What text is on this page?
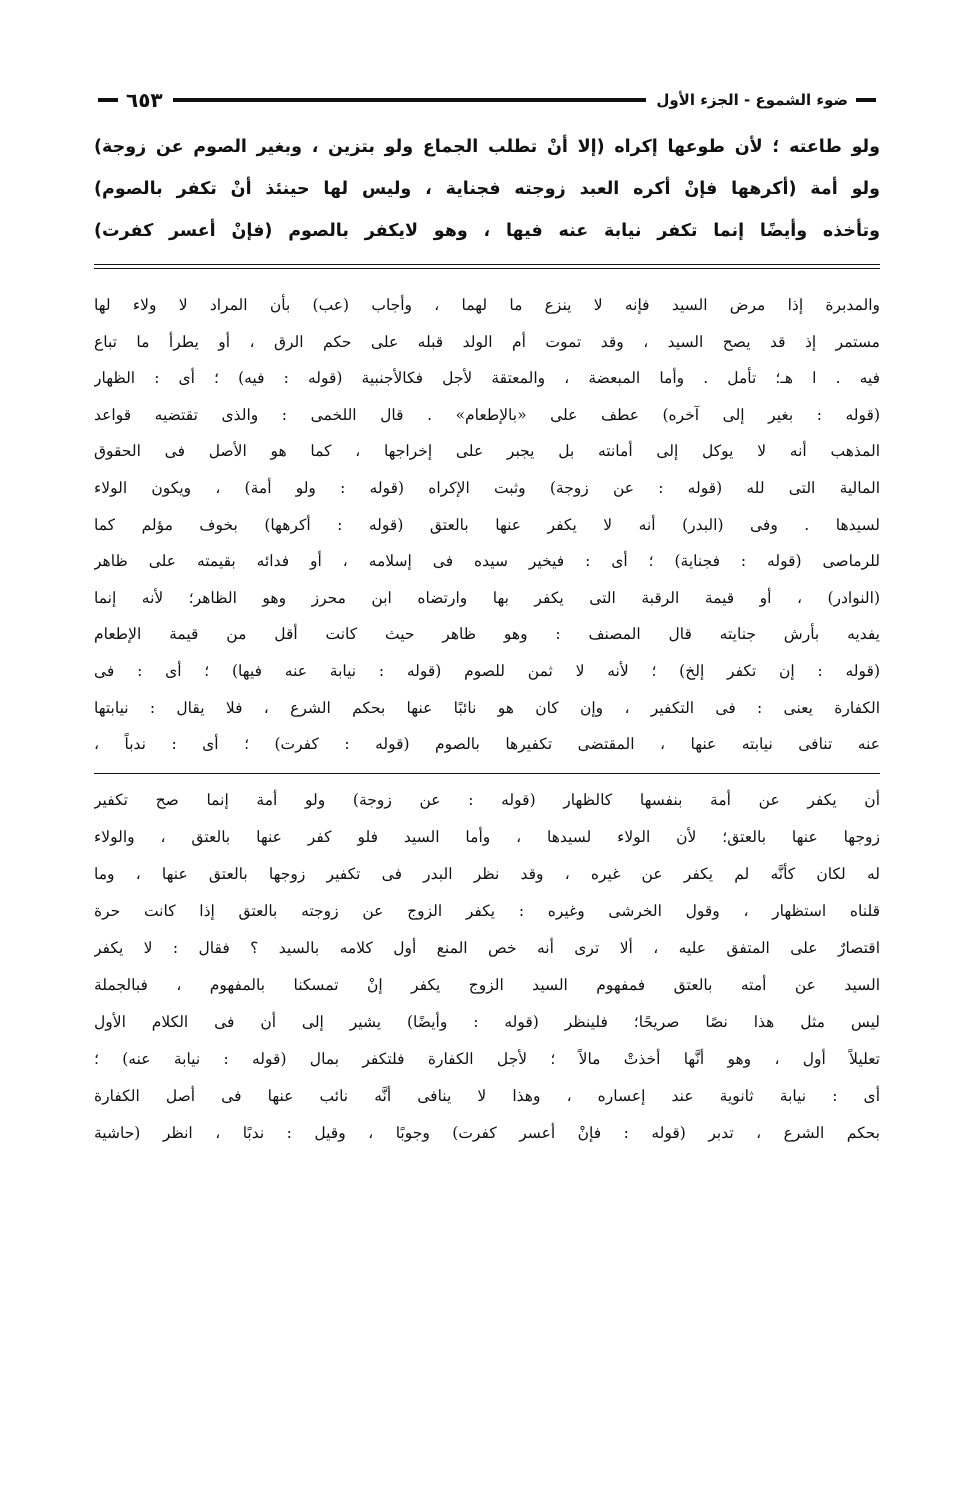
ضوء الشموع - الجزء الأول
٦٥٣
ولو طاعته ؛ لأن طوعها إكراه (إلا أنْ تطلب الجماع ولو بتزين ، وبغير الصوم عن زوجة)
ولو أمة (أكرهها فإنْ أكره العبد زوجته فجناية ، وليس لها حينئذ أنْ تكفر بالصوم)
وتأخذه وأيضًا إنما تكفر نيابة عنه فيها ، وهو لايكفر بالصوم (فإنْ أعسر كفرت)
والمدبرة إذا مرض السيد فإنه لا ينزع ما لهما ، وأجاب (عب) بأن المراد لا ولاء لها
مستمر إذ قد يصح السيد ، وقد تموت أم الولد قبله على حكم الرق ، أو يطرأ ما تباع
فيه . ا هـ؛ تأمل . وأما المبعضة ، والمعتقة لأجل فكالأجنبية (قوله : فيه) ؛ أى : الظهار
(قوله : بغير إلى آخره) عطف على «بالإطعام» . قال اللخمى : والذى تقتضيه قواعد
المذهب أنه لا يوكل إلى أمانته بل يجبر على إخراجها ، كما هو الأصل فى الحقوق
المالية التى لله (قوله : عن زوجة) وثبت الإكراه (قوله : ولو أمة) ، ويكون الولاء
لسيدها . وفى (البدر) أنه لا يكفر عنها بالعتق (قوله : أكرهها) بخوف مؤلم كما
للرماصى (قوله : فجناية) ؛ أى : فيخير سيده فى إسلامه ، أو فدائه بقيمته على ظاهر
(النوادر) ، أو قيمة الرقبة التى يكفر بها وارتضاه ابن محرز وهو الظاهر؛ لأنه إنما
يفديه بأرش جنايته قال المصنف : وهو ظاهر حيث كانت أقل من قيمة الإطعام
(قوله : إن تكفر إلخ) ؛ لأنه لا ثمن للصوم (قوله : نيابة عنه فيها) ؛ أى : فى
الكفارة يعنى : فى التكفير ، وإن كان هو نائبًا عنها بحكم الشرع ، فلا يقال : نيابتها
عنه تنافى نيابته عنها ، المقتضى تكفيرها بالصوم (قوله : كفرت) ؛ أى : ندباً ،
أن يكفر عن أمة بنفسها كالظهار (قوله : عن زوجة) ولو أمة إنما صح تكفير
زوجها عنها بالعتق؛ لأن الولاء لسيدها ، وأما السيد فلو كفر عنها بالعتق ، والولاء
له لكان كأنَّه لم يكفر عن غيره ، وقد نظر البدر فى تكفير زوجها بالعتق عنها ، وما
قلناه استظهار ، وقول الخرشى وغيره : يكفر الزوج عن زوجته بالعتق إذا كانت حرة
اقتصارٌ على المتفق عليه ، ألا ترى أنه خص المنع أول كلامه بالسيد ؟ فقال : لا يكفر
السيد عن أمته بالعتق فمفهوم السيد الزوج يكفر إنْ تمسكنا بالمفهوم ، فبالجملة
ليس مثل هذا نصًا صريحًا؛ فلينظر (قوله : وأيضًا) يشير إلى أن فى الكلام الأول
تعليلاً أول ، وهو أنَّها أخذتْ مالاً ؛ لأجل الكفارة فلتكفر بمال (قوله : نيابة عنه) ؛
أى : نيابة ثانوية عند إعساره ، وهذا لا ينافى أنَّه نائب عنها فى أصل الكفارة
بحكم الشرع ، تدبر (قوله : فإنْ أعسر كفرت) وجوبًا ، وقيل : ندبًا ، انظر (حاشية
